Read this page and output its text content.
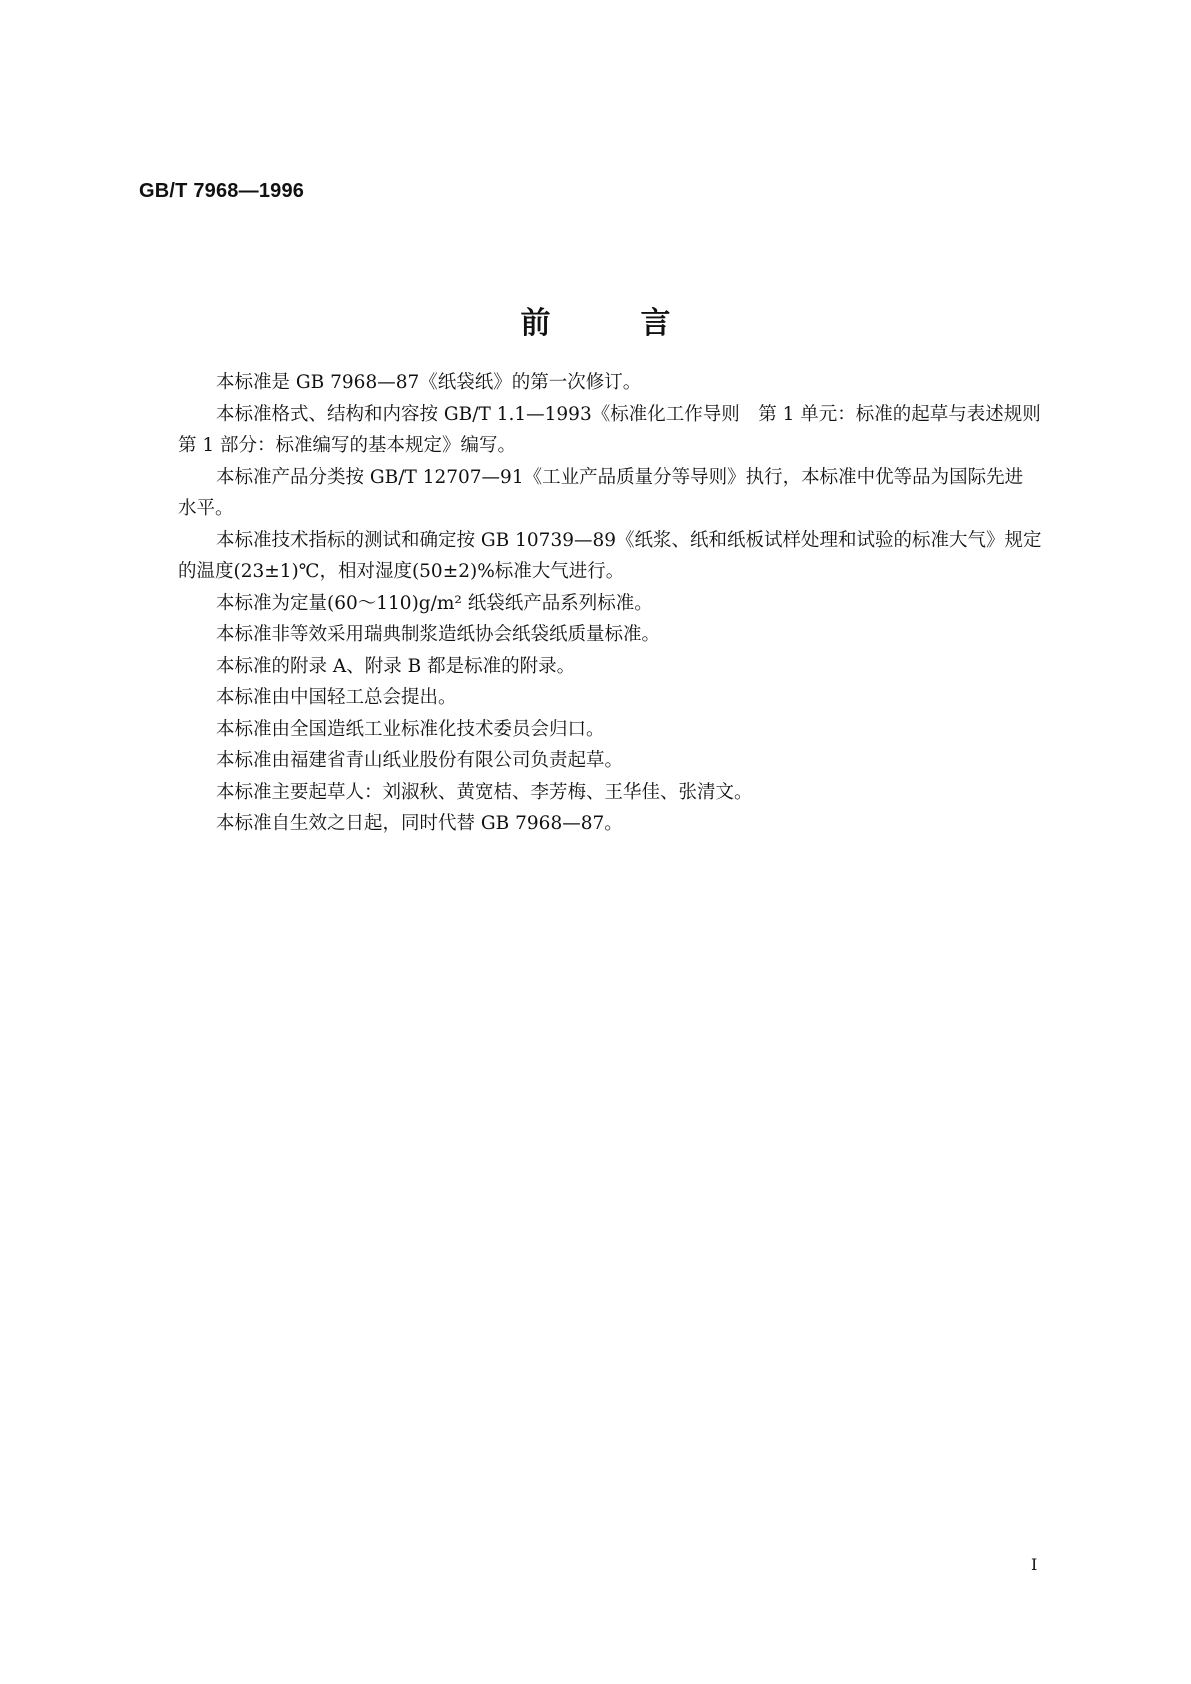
GB/T 7968—1996
前	言
本标准是 GB 7968—87《纸袋纸》的第一次修订。
本标准格式、结构和内容按 GB/T 1.1—1993《标准化工作导则　第 1 单元：标准的起草与表述规则
第 1 部分：标准编写的基本规定》编写。
本标准产品分类按 GB/T 12707—91《工业产品质量分等导则》执行，本标准中优等品为国际先进
水平。
本标准技术指标的测试和确定按 GB 10739—89《纸浆、纸和纸板试样处理和试验的标准大气》规定
的温度(23±1)℃，相对湿度(50±2)%标准大气进行。
本标准为定量(60～110)g/m² 纸袋纸产品系列标准。
本标准非等效采用瑞典制浆造纸协会纸袋纸质量标准。
本标准的附录 A、附录 B 都是标准的附录。
本标准由中国轻工总会提出。
本标准由全国造纸工业标准化技术委员会归口。
本标准由福建省青山纸业股份有限公司负责起草。
本标准主要起草人：刘淑秋、黄宽桔、李芳梅、王华佳、张清文。
本标准自生效之日起，同时代替 GB 7968—87。
I
